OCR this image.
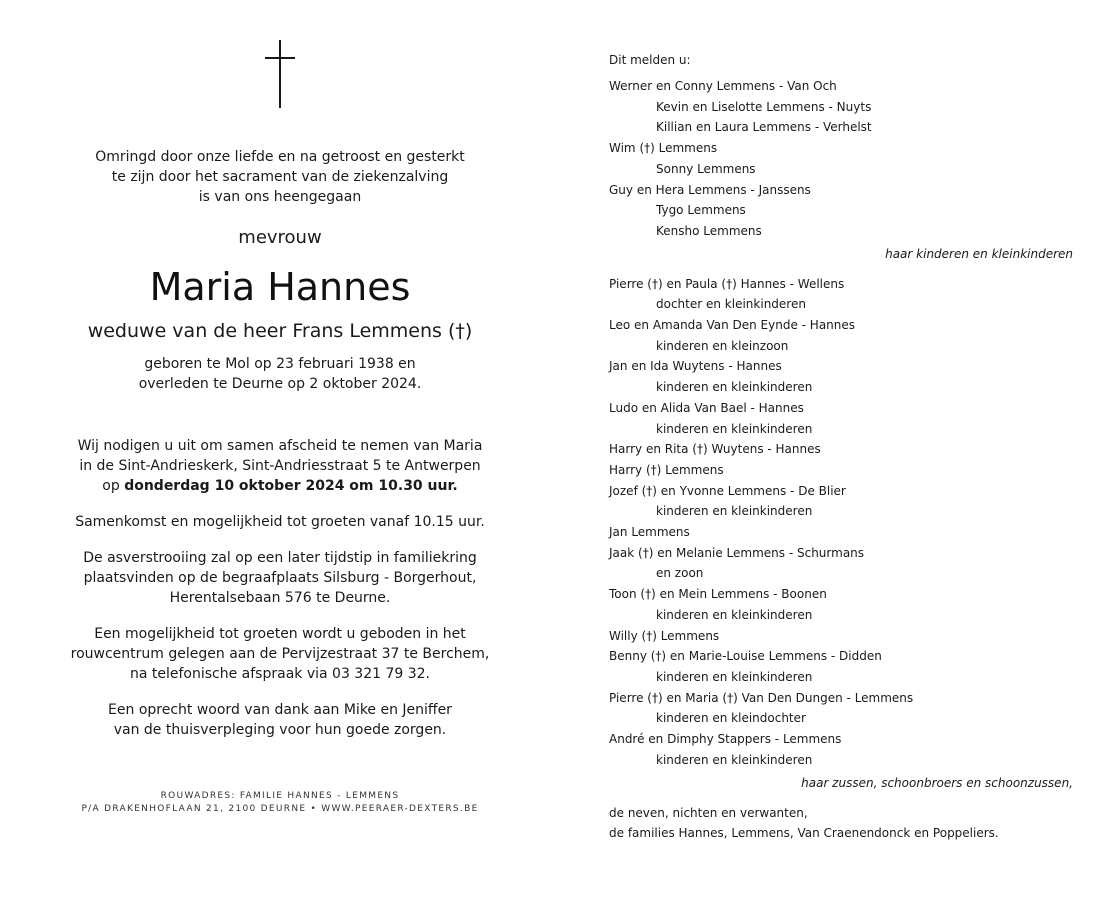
Omringd door onze liefde en na getroost en gesterkt
te zijn door het sacrament van de ziekenzalving
is van ons heengegaan
mevrouw
Maria Hannes
weduwe van de heer Frans Lemmens (†)
geboren te Mol op 23 februari 1938 en
overleden te Deurne op 2 oktober 2024.
Wij nodigen u uit om samen afscheid te nemen van Maria
in de Sint-Andrieskerk, Sint-Andriesstraat 5 te Antwerpen
op donderdag 10 oktober 2024 om 10.30 uur.
Samenkomst en mogelijkheid tot groeten vanaf 10.15 uur.
De asverstrooiing zal op een later tijdstip in familiekring
plaatsvinden op de begraafplaats Silsburg - Borgerhout,
Herentalsebaan 576 te Deurne.
Een mogelijkheid tot groeten wordt u geboden in het
rouwcentrum gelegen aan de Pervijzestraat 37 te Berchem,
na telefonische afspraak via 03 321 79 32.
Een oprecht woord van dank aan Mike en Jeniffer
van de thuisverpleging voor hun goede zorgen.
ROUWADRES: FAMILIE HANNES - LEMMENS
P/A DRAKENHOFLAAN 21, 2100 DEURNE • WWW.PEERAER-DEXTERS.BE
Dit melden u:
Werner en Conny Lemmens - Van Och
Kevin en Liselotte Lemmens - Nuyts
Killian en Laura Lemmens - Verhelst
Wim (†) Lemmens
Sonny Lemmens
Guy en Hera Lemmens - Janssens
Tygo Lemmens
Kensho Lemmens
haar kinderen en kleinkinderen
Pierre (†) en Paula (†) Hannes - Wellens
dochter en kleinkinderen
Leo en Amanda Van Den Eynde - Hannes
kinderen en kleinzoon
Jan en Ida Wuytens - Hannes
kinderen en kleinkinderen
Ludo en Alida Van Bael - Hannes
kinderen en kleinkinderen
Harry en Rita (†) Wuytens - Hannes
Harry (†) Lemmens
Jozef (†) en Yvonne Lemmens - De Blier
kinderen en kleinkinderen
Jan Lemmens
Jaak (†) en Melanie Lemmens - Schurmans
en zoon
Toon (†) en Mein Lemmens - Boonen
kinderen en kleinkinderen
Willy (†) Lemmens
Benny (†) en Marie-Louise Lemmens - Didden
kinderen en kleinkinderen
Pierre (†) en Maria (†) Van Den Dungen - Lemmens
kinderen en kleindochter
André en Dimphy Stappers - Lemmens
kinderen en kleinkinderen
haar zussen, schoonbroers en schoonzussen,
de neven, nichten en verwanten,
de families Hannes, Lemmens, Van Craenendonck en Poppeliers.
